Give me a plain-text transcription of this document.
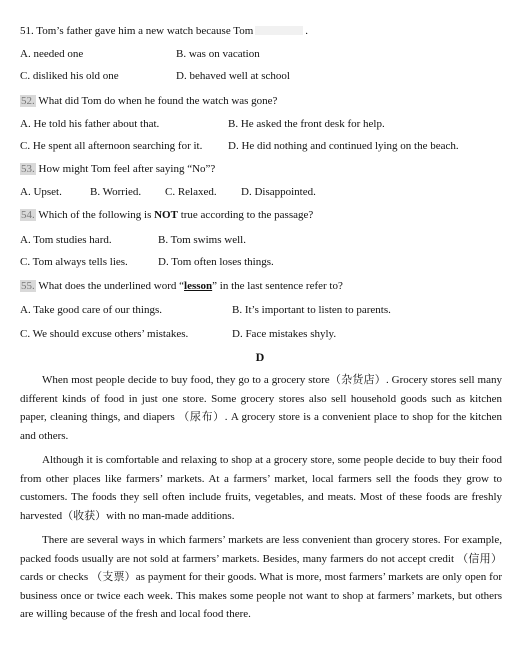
51. Tom’s father gave him a new watch because Tom	.
A. needed one	B. was on vacation
C. disliked his old one	D. behaved well at school
52. What did Tom do when he found the watch was gone?
A. He told his father about that.	B. He asked the front desk for help.
C. He spent all afternoon searching for it. D. He did nothing and continued lying on the beach.
53. How might Tom feel after saying “No”?
A. Upset.	B. Worried. C. Relaxed. D. Disappointed.
54. Which of the following is NOT true according to the passage?
A. Tom studies hard.	B. Tom swims well.
C. Tom always tells lies.	D. Tom often loses things.
55. What does the underlined word “lesson” in the last sentence refer to?
A. Take good care of our things.	B. It’s important to listen to parents.
C. We should excuse others’ mistakes.	D. Face mistakes shyly.
D

When most people decide to buy food, they go to a grocery store（杂货店）. Grocery stores sell many different kinds of food in just one store. Some grocery stores also sell household goods such as kitchen paper, cleaning things, and diapers （尿布）. A grocery store is a convenient place to shop for the kitchen and others.

Although it is comfortable and relaxing to shop at a grocery store, some people decide to buy their food from other places like farmers’ markets. At a farmers’ market, local farmers sell the foods they grow to customers. The foods they sell often include fruits, vegetables, and meats. Most of these foods are freshly harvested（收获）with no man-made additions.

There are several ways in which farmers’ markets are less convenient than grocery stores. For example, packed foods usually are not sold at farmers’ markets. Besides, many farmers do not accept credit （信用）cards or checks （支票）as payment for their goods. What is more, most farmers’ markets are only open for business once or twice each week. This makes some people not want to shop at farmers’ markets, but others are willing because of the fresh and local food there.
